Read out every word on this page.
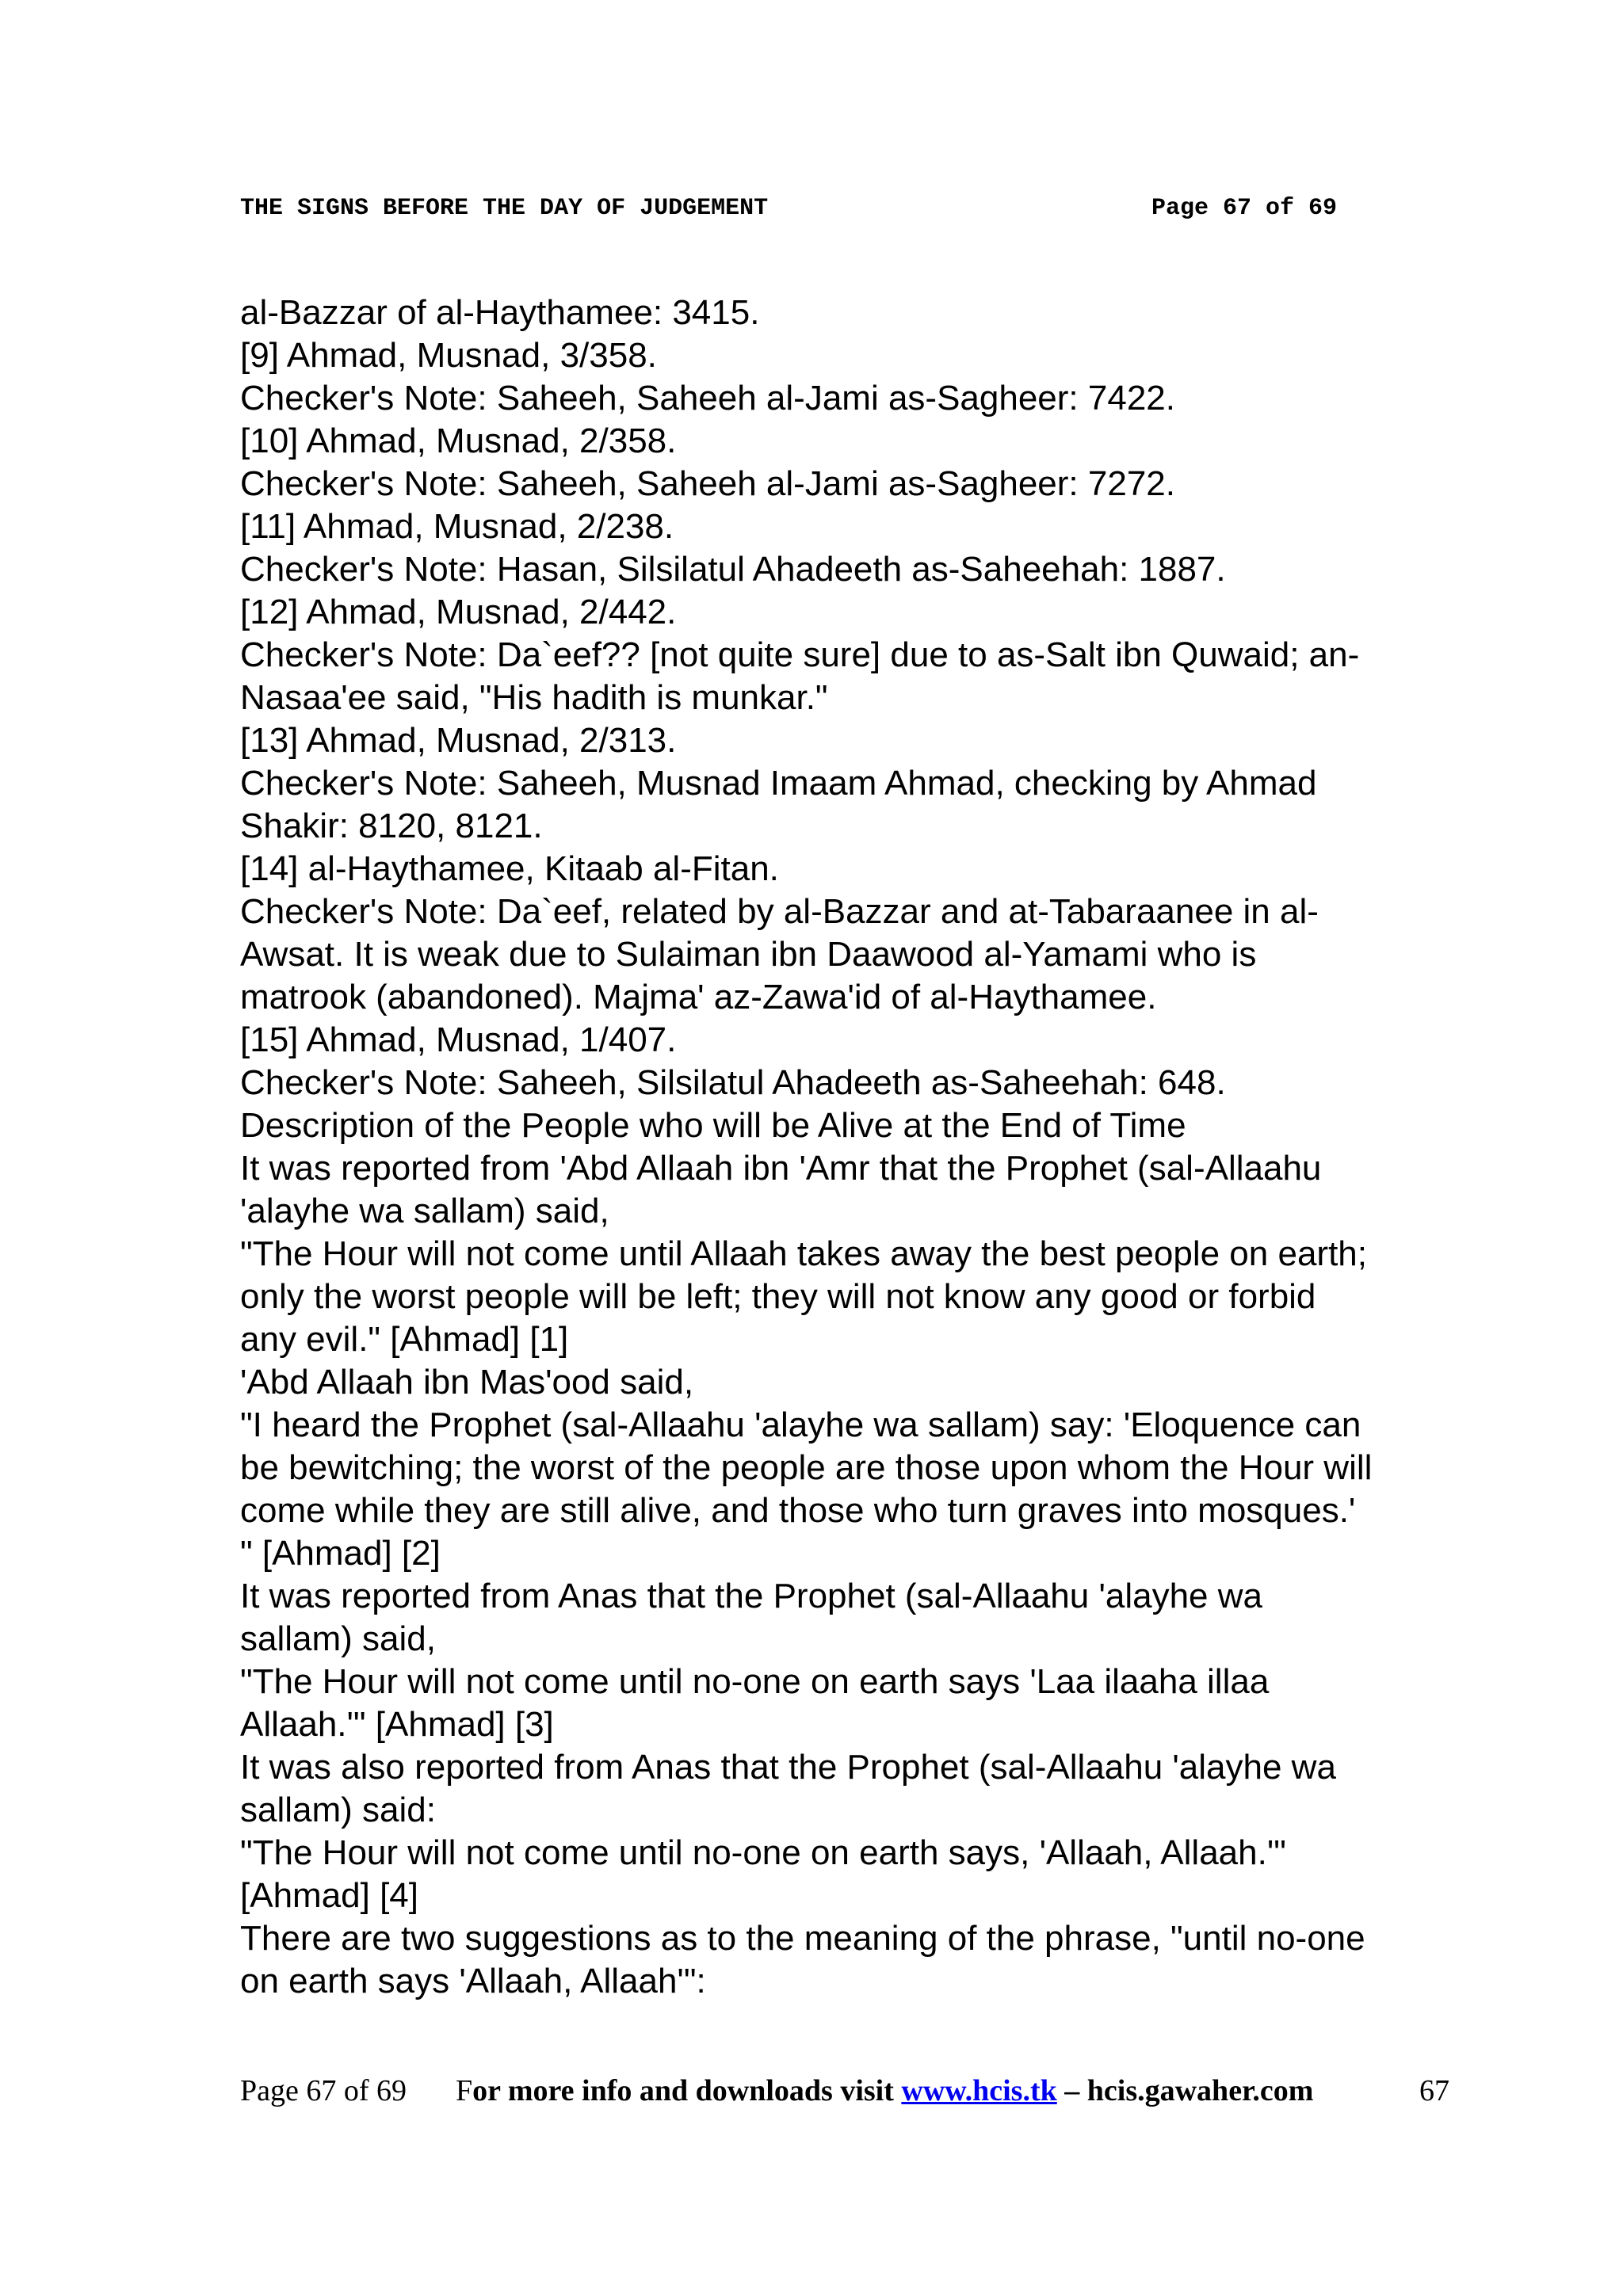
THE SIGNS BEFORE THE DAY OF JUDGEMENT	Page 67 of 69
al-Bazzar of al-Haythamee: 3415.
[9] Ahmad, Musnad, 3/358.
Checker's Note: Saheeh, Saheeh al-Jami as-Sagheer: 7422.
[10] Ahmad, Musnad, 2/358.
Checker's Note: Saheeh, Saheeh al-Jami as-Sagheer: 7272.
[11] Ahmad, Musnad, 2/238.
Checker's Note: Hasan, Silsilatul Ahadeeth as-Saheehah: 1887.
[12] Ahmad, Musnad, 2/442.
Checker's Note: Da`eef?? [not quite sure] due to as-Salt ibn Quwaid; an-
Nasaa'ee said, "His hadith is munkar."
[13] Ahmad, Musnad, 2/313.
Checker's Note: Saheeh, Musnad Imaam Ahmad, checking by Ahmad
Shakir: 8120, 8121.
[14] al-Haythamee, Kitaab al-Fitan.
Checker's Note: Da`eef, related by al-Bazzar and at-Tabaraanee in al-
Awsat. It is weak due to Sulaiman ibn Daawood al-Yamami who is
matrook (abandoned). Majma' az-Zawa'id of al-Haythamee.
[15] Ahmad, Musnad, 1/407.
Checker's Note: Saheeh, Silsilatul Ahadeeth as-Saheehah: 648.
Description of the People who will be Alive at the End of Time
It was reported from 'Abd Allaah ibn 'Amr that the Prophet (sal-Allaahu
'alayhe wa sallam) said,
"The Hour will not come until Allaah takes away the best people on earth;
only the worst people will be left; they will not know any good or forbid
any evil." [Ahmad] [1]
'Abd Allaah ibn Mas'ood said,
"I heard the Prophet (sal-Allaahu 'alayhe wa sallam) say: 'Eloquence can
be bewitching; the worst of the people are those upon whom the Hour will
come while they are still alive, and those who turn graves into mosques.'
" [Ahmad] [2]
It was reported from Anas that the Prophet (sal-Allaahu 'alayhe wa
sallam) said,
"The Hour will not come until no-one on earth says 'Laa ilaaha illaa
Allaah.'" [Ahmad] [3]
It was also reported from Anas that the Prophet (sal-Allaahu 'alayhe wa
sallam) said:
"The Hour will not come until no-one on earth says, 'Allaah, Allaah.'"
[Ahmad] [4]
There are two suggestions as to the meaning of the phrase, "until no-one
on earth says 'Allaah, Allaah'":
Page 67 of 69 For more info and downloads visit www.hcis.tk – hcis.gawaher.com	67
